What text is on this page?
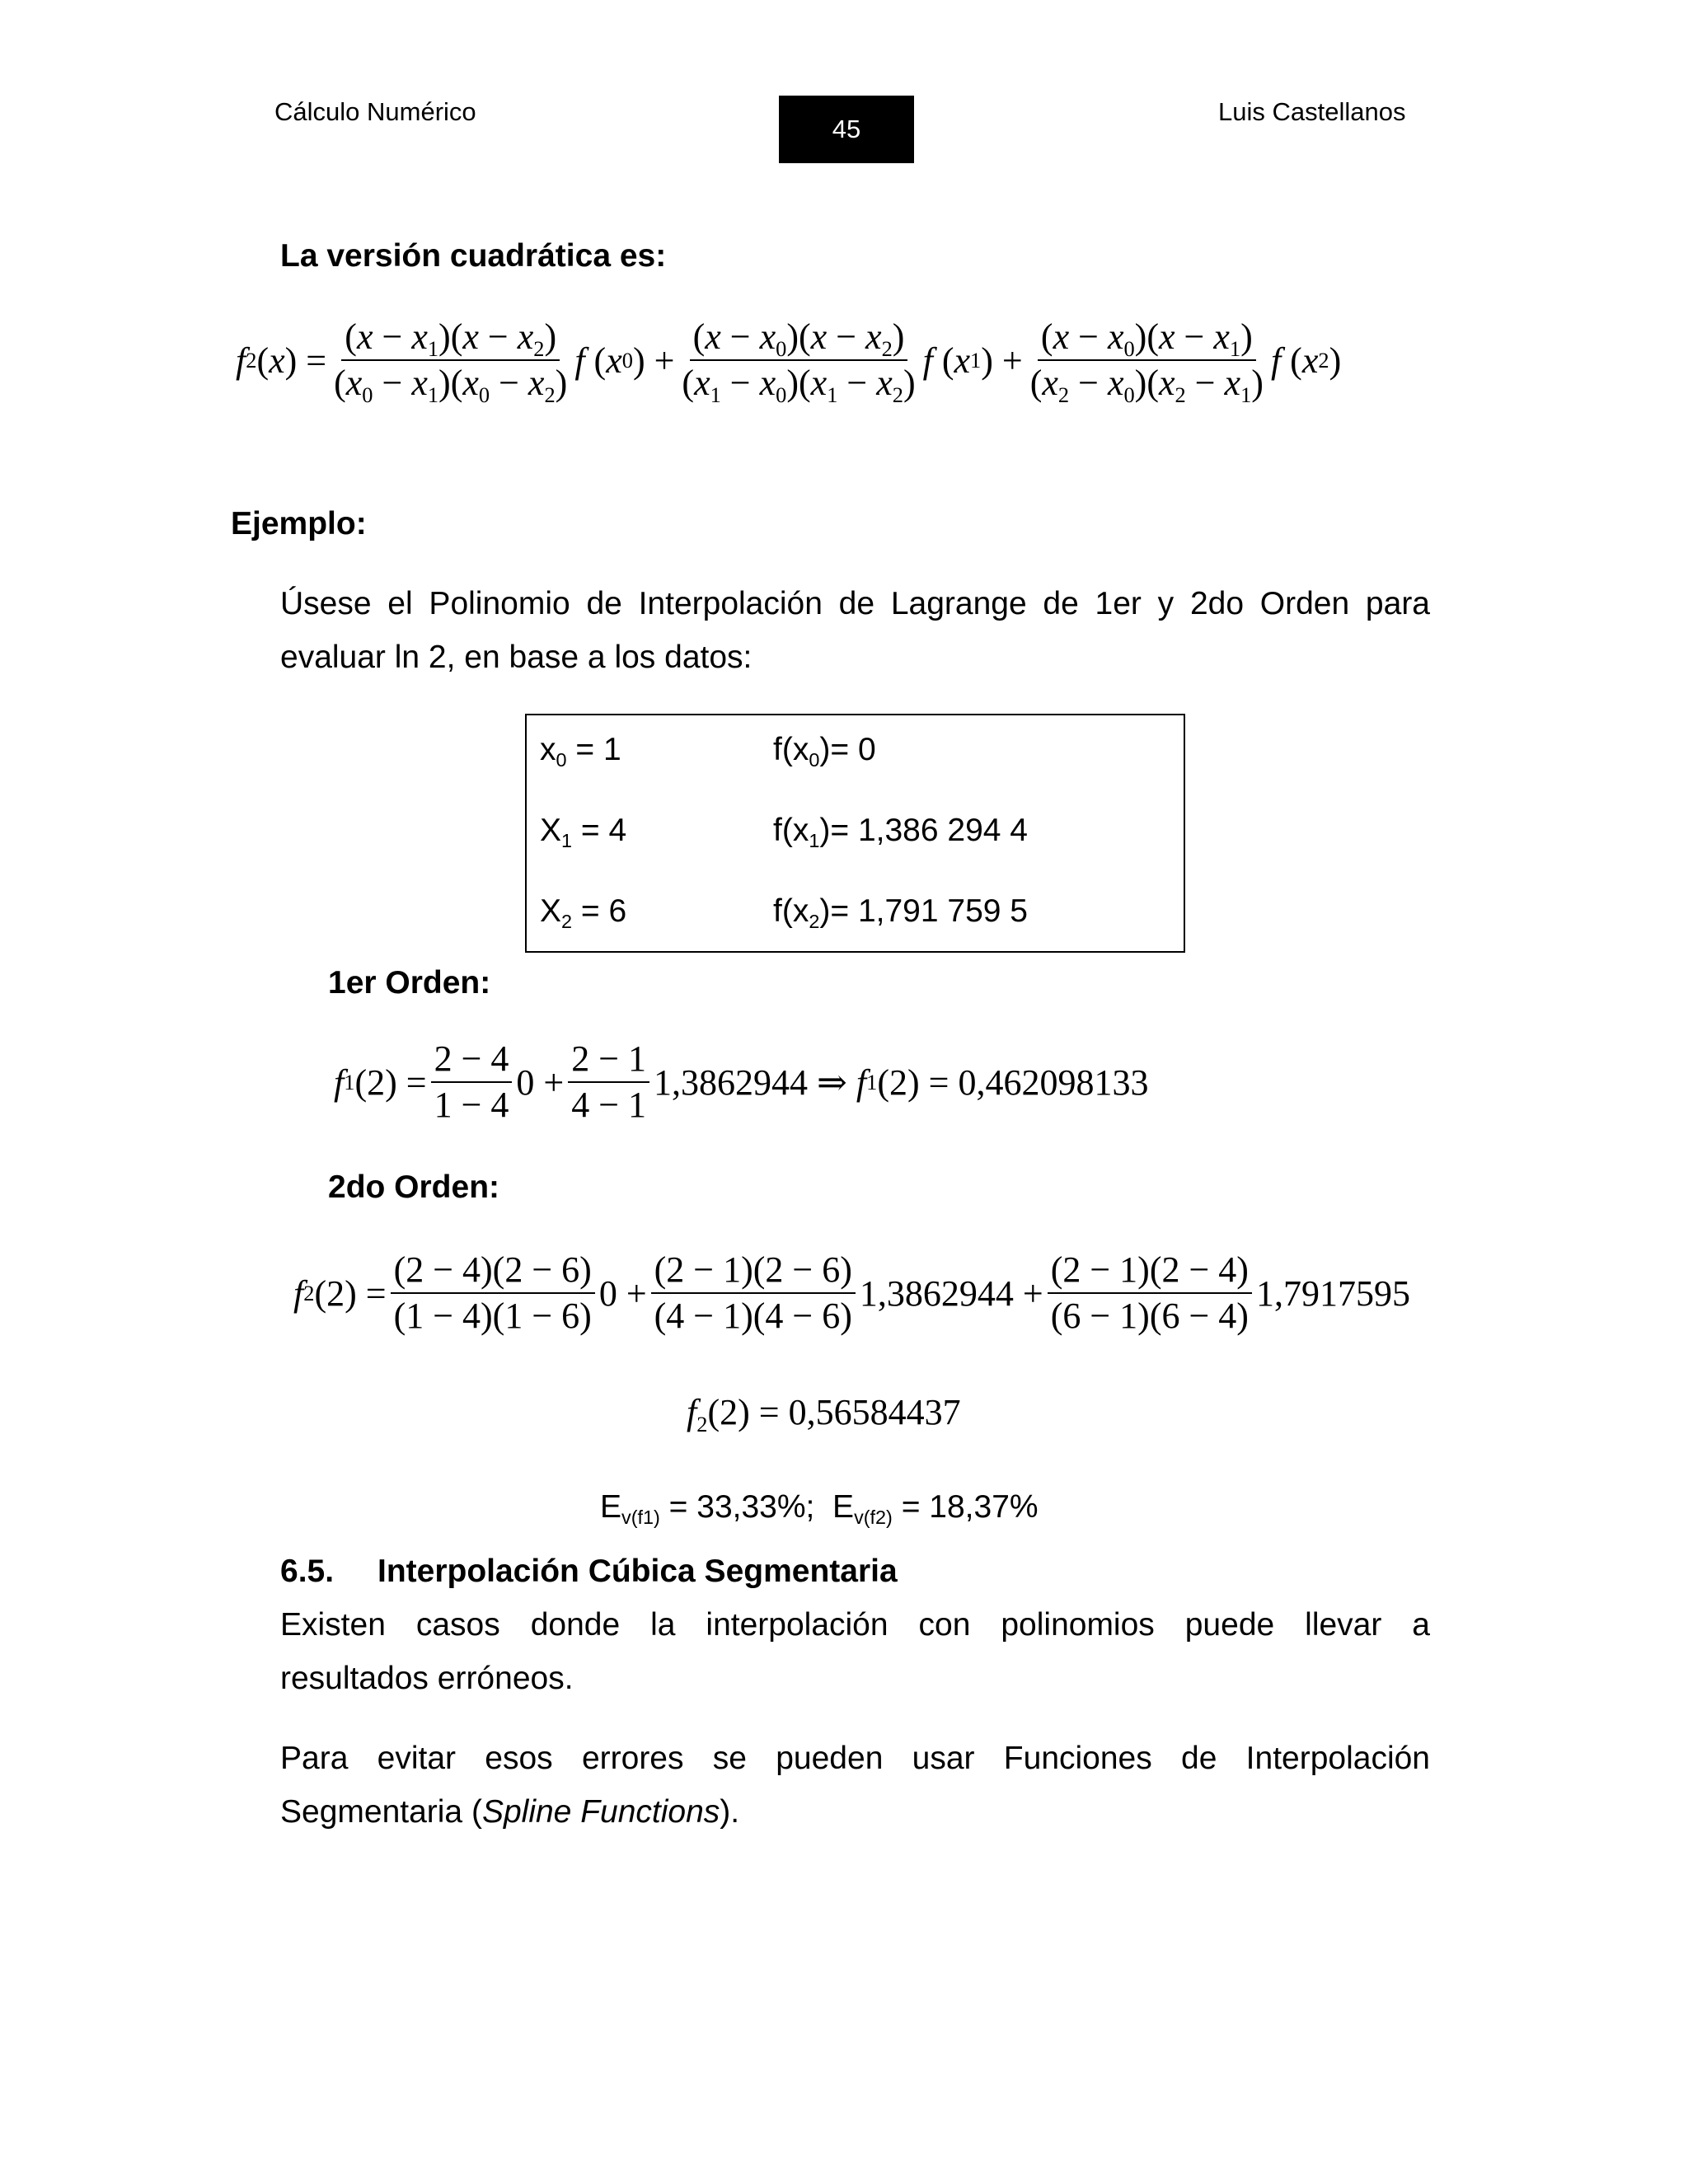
Cálculo Numérico
45
Luis Castellanos
La versión cuadrática es:
f 2 ( x ) = $\frac{(x - x_1)(x - x_2)}{(x_0 - x_1)(x_0 - x_2)}$ f ( x 0 ) + $\frac{(x - x_0)(x - x_2)}{(x_1 - x_0)(x_1 - x_2)}$ f ( x 1 ) + $\frac{(x - x_0)(x - x_1)}{(x_2 - x_0)(x_2 - x_1)}$ f ( x 2 )
Ejemplo:
Úsese el Polinomio de Interpolación de Lagrange de 1er y 2do Orden para
evaluar ln 2, en base a los datos:
$x_0 = 1$	$f(x_0)= 0$
$X_1 = 4$	$f(x_1)= 1,386$ 294 4
$X_2 = 6$	$f(x_2)= 1,791$ 759 5
1er Orden:
f 1 $(2) = \frac{2 - 4}{1 - 4} 0 + \frac{2 - 1}{4 - 1} 1,3862944$ ⇒ f 1 (2) = 0,462098133
2do Orden:
f 2 $(2) = \frac{(2 - 4)(2 - 6)}{(1 - 4)(1 - 6)} 0 + \frac{(2 - 1)(2 - 6)}{(4 - 1)(4 - 6)} 1,3862944 + \frac{(2 - 1)(2 - 4)}{(6 - 1)(6 - 4)} 1,7917595$
$f_2(2) = 0,56584437$
$E_{v(f1)} = 33,33\%$; $E_{v(f2)} = 18,37\%$
6.5. Interpolación Cúbica Segmentaria
Existen casos donde la interpolación con polinomios puede llevar a
resultados erróneos.
Para evitar esos errores se pueden usar Funciones de Interpolación
Segmentaria (Spline Functions).
